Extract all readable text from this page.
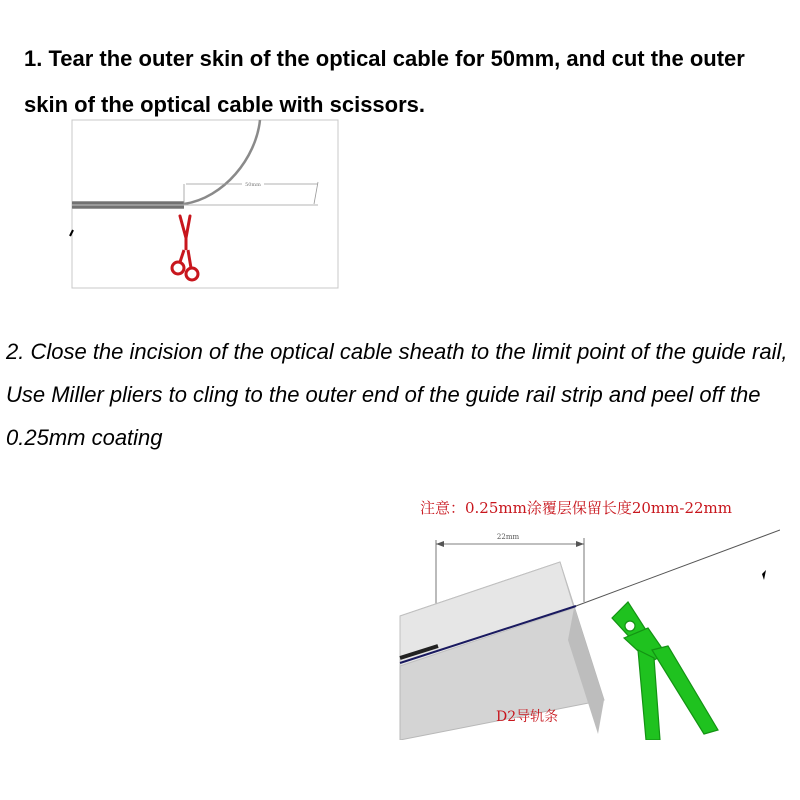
1. Tear the outer skin of the optical cable for 50mm, and cut the outer skin of the optical cable with scissors.

50mm

2. Close the incision of the optical cable sheath to the limit point of the guide rail,

Use Miller pliers to cling to the outer end of the guide rail strip and peel off the 0.25mm coating

注意：0.25mm涂覆层保留长度20mm-22mm
22mm
D2导轨条
